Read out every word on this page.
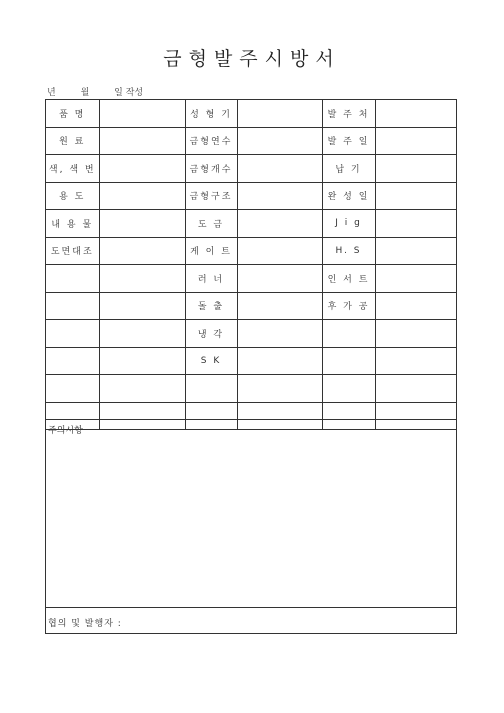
금형발주시방서
년	월	일 작성
품 명		성 형 기		발 주 처	
원 료		금형연수		발 주 일	
색, 색 번		금형개수		납 기	
용 도		금형구조		완 성 일	
내 용 물		도 금		J i g	
도면대조		게 이 트		H. S	
		러 너		인 서 트	
		돌 출		후 가 공	
		냉 각			
		S K			

주의시항
협의 및 발행자 :
